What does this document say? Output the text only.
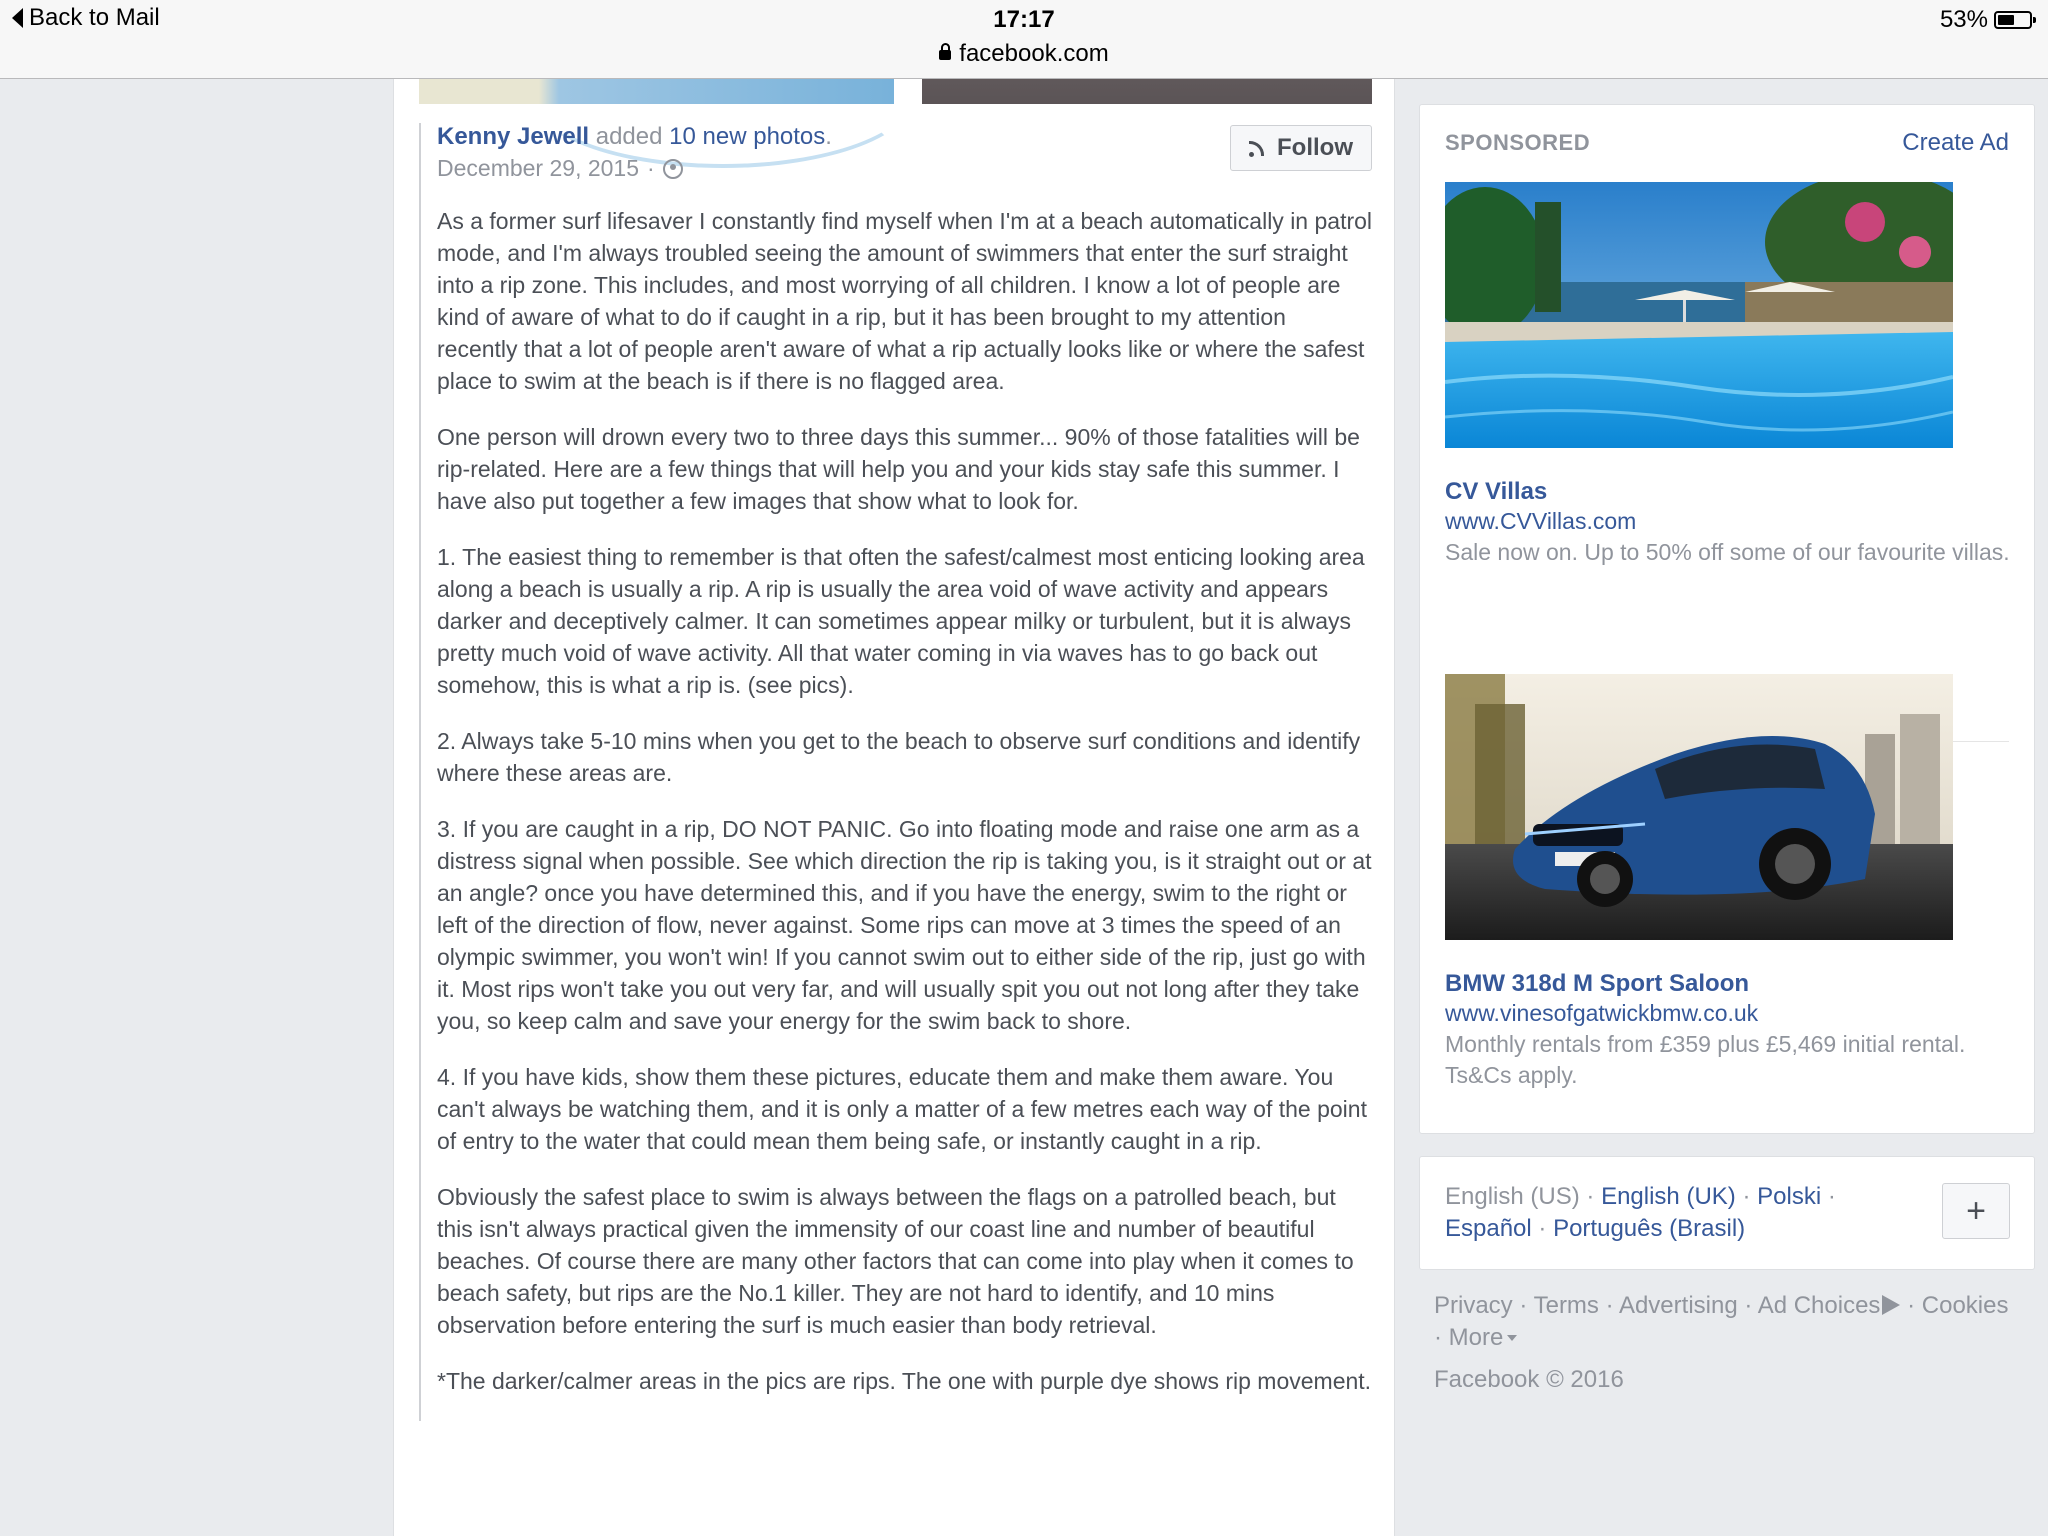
Back to Mail	17:17
facebook.com
53%
Kenny Jewell added 10 new photos.
December 29, 2015 ·
Follow

As a former surf lifesaver I constantly find myself when I'm at a beach automatically in patrol mode, and I'm always troubled seeing the amount of swimmers that enter the surf straight into a rip zone. This includes, and most worrying of all children. I know a lot of people are kind of aware of what to do if caught in a rip, but it has been brought to my attention recently that a lot of people aren't aware of what a rip actually looks like or where the safest place to swim at the beach is if there is no flagged area.

One person will drown every two to three days this summer... 90% of those fatalities will be rip-related. Here are a few things that will help you and your kids stay safe this summer. I have also put together a few images that show what to look for.

1. The easiest thing to remember is that often the safest/calmest most enticing looking area along a beach is usually a rip. A rip is usually the area void of wave activity and appears darker and deceptively calmer. It can sometimes appear milky or turbulent, but it is always pretty much void of wave activity. All that water coming in via waves has to go back out somehow, this is what a rip is. (see pics).

2. Always take 5-10 mins when you get to the beach to observe surf conditions and identify where these areas are.

3. If you are caught in a rip, DO NOT PANIC. Go into floating mode and raise one arm as a distress signal when possible. See which direction the rip is taking you, is it straight out or at an angle? once you have determined this, and if you have the energy, swim to the right or left of the direction of flow, never against. Some rips can move at 3 times the speed of an olympic swimmer, you won't win! If you cannot swim out to either side of the rip, just go with it. Most rips won't take you out very far, and will usually spit you out not long after they take you, so keep calm and save your energy for the swim back to shore.

4. If you have kids, show them these pictures, educate them and make them aware. You can't always be watching them, and it is only a matter of a few metres each way of the point of entry to the water that could mean them being safe, or instantly caught in a rip.

Obviously the safest place to swim is always between the flags on a patrolled beach, but this isn't always practical given the immensity of our coast line and number of beautiful beaches. Of course there are many other factors that can come into play when it comes to beach safety, but rips are the No.1 killer. They are not hard to identify, and 10 mins observation before entering the surf is much easier than body retrieval.

*The darker/calmer areas in the pics are rips. The one with purple dye shows rip movement.

SPONSORED	Create Ad
CV Villas
www.CVVillas.com
Sale now on. Up to 50% off some of our favourite villas.
BMW 318d M Sport Saloon
www.vinesofgatwickbmw.co.uk
Monthly rentals from £359 plus £5,469 initial rental. Ts&Cs apply.
English (US) · English (UK) · Polski ·
Español · Português (Brasil)	+
Privacy · Terms · Advertising · Ad Choices · Cookies
· More
Facebook © 2016
